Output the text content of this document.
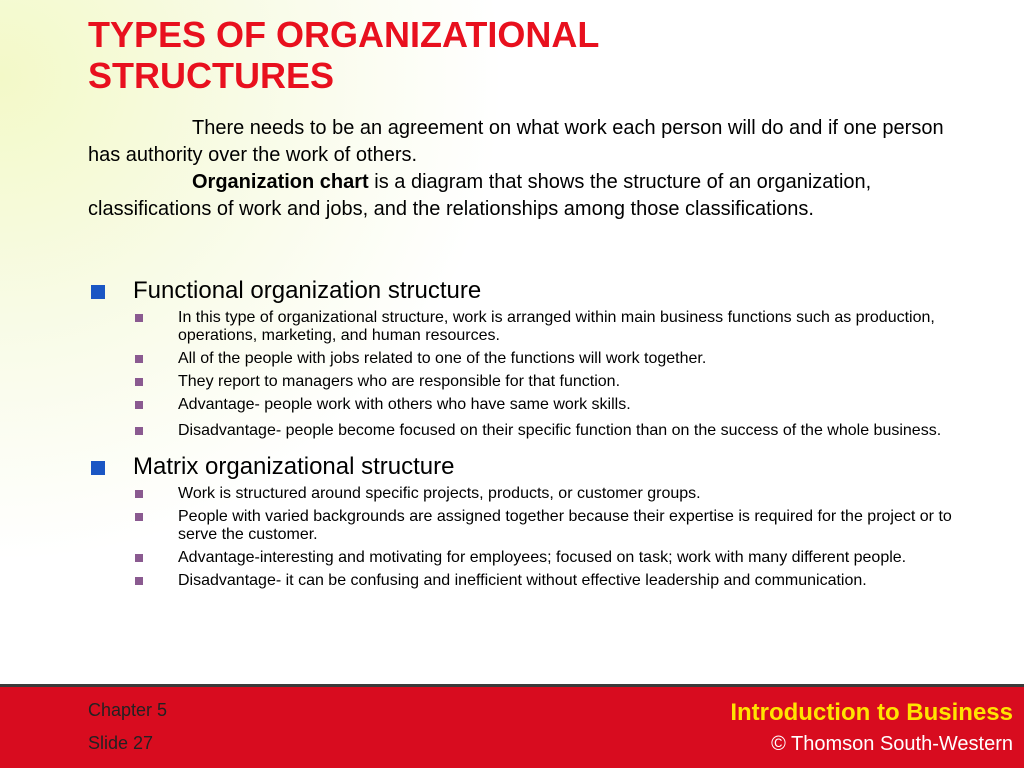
TYPES OF ORGANIZATIONAL
STRUCTURES

There needs to be an agreement on what work each person will do and if one person has authority over the work of others.

Organization chart is a diagram that shows the structure of an organization, classifications of work and jobs, and the relationships among those classifications.

Functional organization structure
In this type of organizational structure, work is arranged within main business functions such as production, operations, marketing, and human resources.
All of the people with jobs related to one of the functions will work together.
They report to managers who are responsible for that function.
Advantage- people work with others who have same work skills.
Disadvantage- people become focused on their specific function than on the success of the whole business.
Matrix organizational structure
Work is structured around specific projects, products, or customer groups.
People with varied backgrounds are assigned together because their expertise is required for the project or to serve the customer.
Advantage-interesting and motivating for employees; focused on task; work with many different people.
Disadvantage- it can be confusing and inefficient without effective leadership and communication.
Chapter 5
Slide 27
Introduction to Business
© Thomson South-Western
